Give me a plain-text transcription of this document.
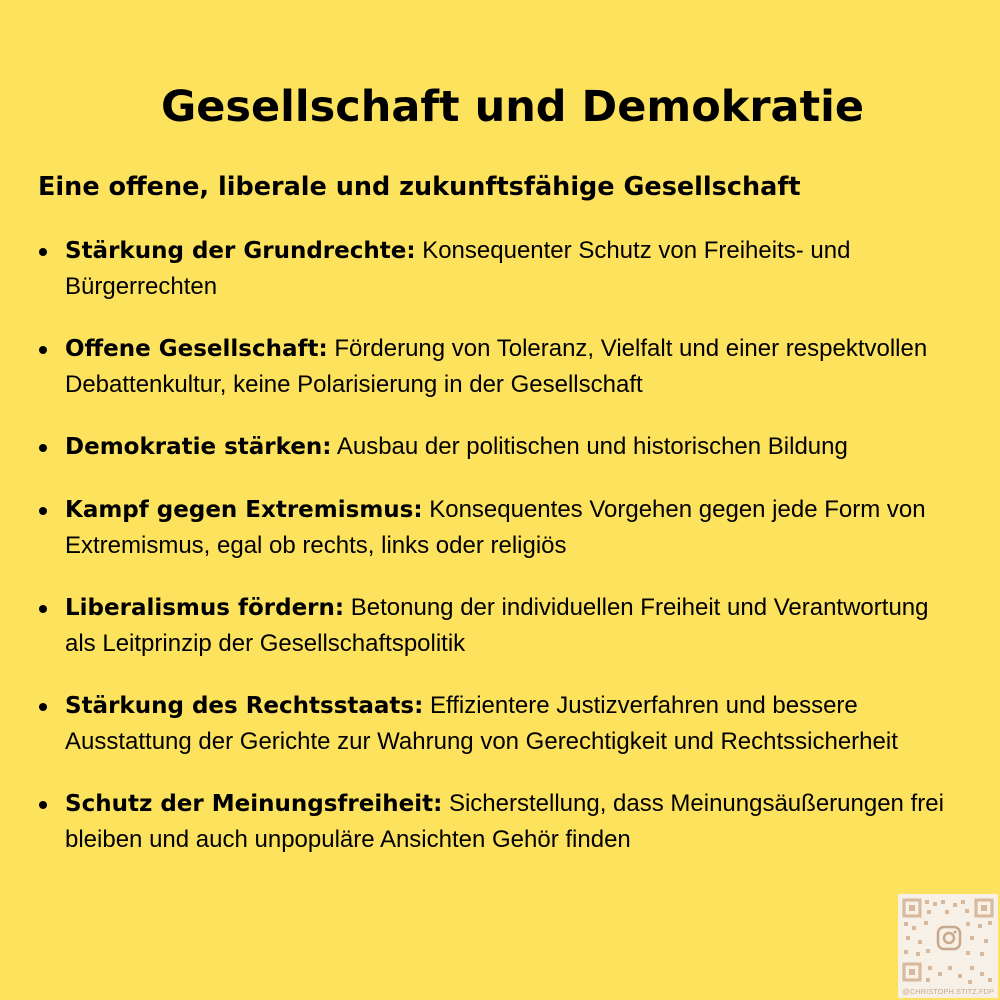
Gesellschaft und Demokratie
Eine offene, liberale und zukunftsfähige Gesellschaft
Stärkung der Grundrechte: Konsequenter Schutz von Freiheits- und Bürgerrechten
Offene Gesellschaft: Förderung von Toleranz, Vielfalt und einer respektvollen Debattenkultur, keine Polarisierung in der Gesellschaft
Demokratie stärken: Ausbau der politischen und historischen Bildung
Kampf gegen Extremismus: Konsequentes Vorgehen gegen jede Form von Extremismus, egal ob rechts, links oder religiös
Liberalismus fördern: Betonung der individuellen Freiheit und Verantwortung als Leitprinzip der Gesellschaftspolitik
Stärkung des Rechtsstaats: Effizientere Justizverfahren und bessere Ausstattung der Gerichte zur Wahrung von Gerechtigkeit und Rechtssicherheit
Schutz der Meinungsfreiheit: Sicherstellung, dass Meinungsäußerungen frei bleiben und auch unpopuläre Ansichten Gehör finden
@CHRISTOPH.STITZ.FDP
